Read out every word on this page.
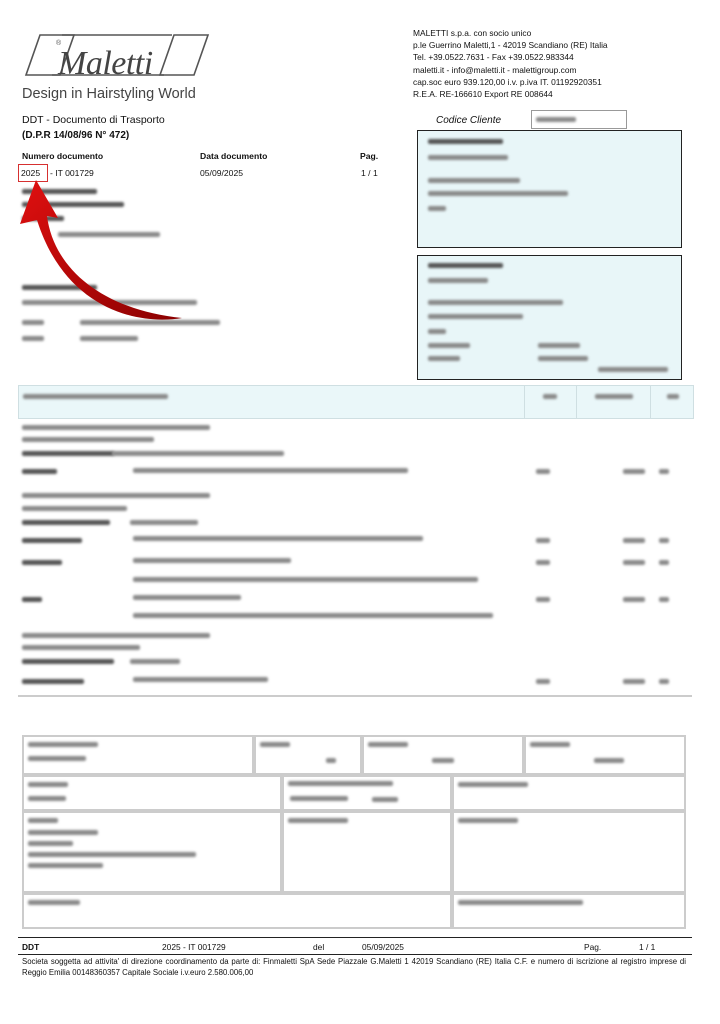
Maletti
®
Design in Hairstyling World
MALETTI s.p.a. con socio unico
p.le Guerrino Maletti,1 - 42019 Scandiano (RE) Italia
Tel. +39.0522.7631 - Fax +39.0522.983344
maletti.it - info@maletti.it - malettigroup.com
cap.soc euro 939.120,00 i.v. p.iva IT. 01192920351
R.E.A. RE-166610 Export RE 008644
DDT - Documento di Trasporto
(D.P.R 14/08/96 N° 472)
Codice Cliente
Numero documento	Data documento	Pag.
2025 - IT 001729	05/09/2025	1 / 1
DDT	2025 - IT 001729	del	05/09/2025	Pag.	1 / 1
Societa soggetta ad attivita' di direzione coordinamento da parte di: Finmaletti SpA Sede Piazzale G.Maletti 1 42019 Scandiano (RE) Italia C.F. e numero di iscrizione al registro imprese di Reggio Emilia 00148360357 Capitale Sociale i.v.euro 2.580.006,00
